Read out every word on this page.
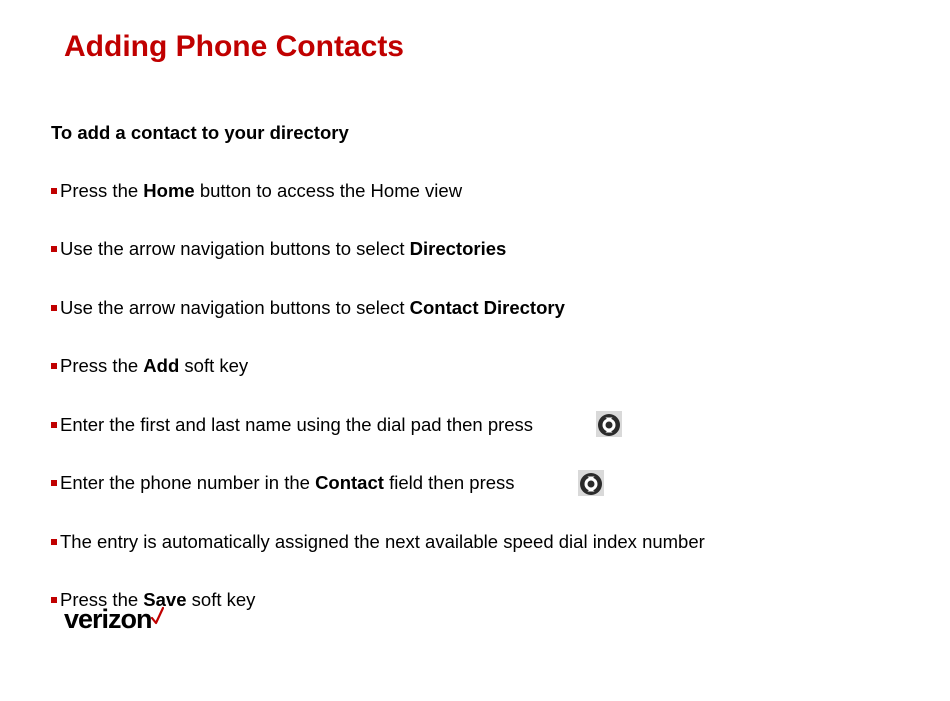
Adding Phone Contacts
To add a contact to your directory
Press the Home button to access the Home view
Use the arrow navigation buttons to select Directories
Use the arrow navigation buttons to select Contact Directory
Press the Add soft key
Enter the first and last name using the dial pad then press
Enter the phone number in the Contact field then press
The entry is automatically assigned the next available speed dial index number
Press the Save soft key
verizon
